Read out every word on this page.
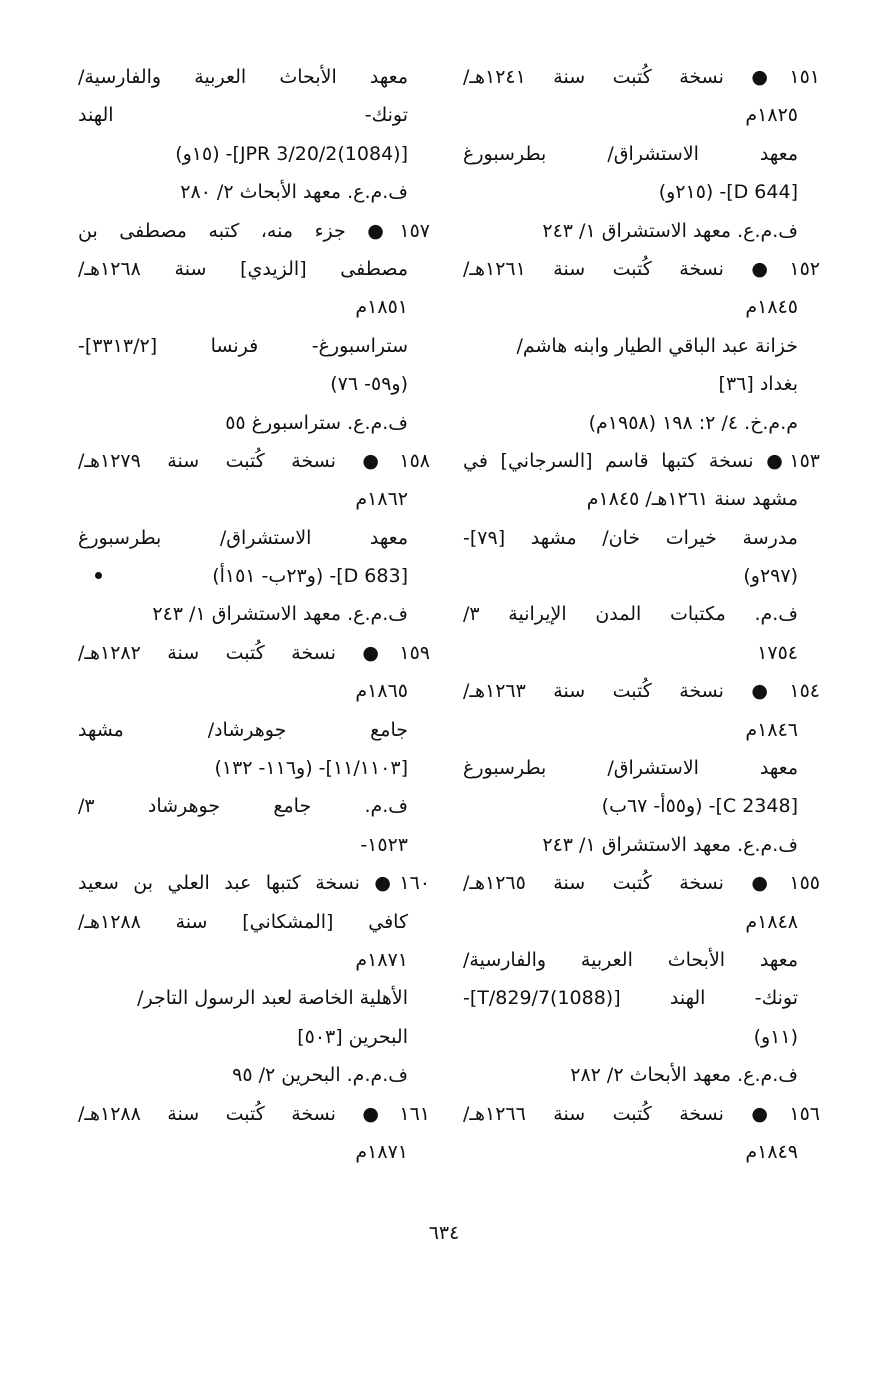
١٥١● نسخة كُتبت سنة ١٢٤١هـ/
١٨٢٥م
معهد الاستشراق/ بطرسبورغ
[D 644]- (٢١٥و)
ف.م.ع. معهد الاستشراق ١/ ٢٤٣
١٥٢● نسخة كُتبت سنة ١٢٦١هـ/
١٨٤٥م
خزانة عبد الباقي الطيار وابنه هاشم/
بغداد [٣٦]
م.م.خ. ٤/ ٢: ١٩٨ (١٩٥٨م)
١٥٣● نسخة كتبها قاسم [السرجاني] في
مشهد سنة ١٢٦١هـ/ ١٨٤٥م
مدرسة خيرات خان/ مشهد [٧٩]-
(٢٩٧و)
ف.م. مكتبات المدن الإيرانية ٣/
١٧٥٤
١٥٤● نسخة كُتبت سنة ١٢٦٣هـ/
١٨٤٦م
معهد الاستشراق/ بطرسبورغ
[C 2348]- (و٥٥أ- ٦٧ب)
ف.م.ع. معهد الاستشراق ١/ ٢٤٣
١٥٥● نسخة كُتبت سنة ١٢٦٥هـ/
١٨٤٨م
معهد الأبحاث العربية والفارسية/
تونك- الهند [T/829/7(1088)]-
(١١و)
ف.م.ع. معهد الأبحاث ٢/ ٢٨٢
١٥٦● نسخة كُتبت سنة ١٢٦٦هـ/
١٨٤٩م
معهد الأبحاث العربية والفارسية/
تونك- الهند
[JPR 3/20/2(1084)]- (١٥و)
ف.م.ع. معهد الأبحاث ٢/ ٢٨٠
١٥٧● جزء منه، كتبه مصطفى بن
مصطفى [الزيدي] سنة ١٢٦٨هـ/
١٨٥١م
ستراسبورغ- فرنسا [٣٣١٣/٢]-
(و٥٩- ٧٦)
ف.م.ع. ستراسبورغ ٥٥
١٥٨● نسخة كُتبت سنة ١٢٧٩هـ/
١٨٦٢م
معهد الاستشراق/ بطرسبورغ
[D 683]- (و٢٣ب- ١٥١أ)
ف.م.ع. معهد الاستشراق ١/ ٢٤٣
١٥٩● نسخة كُتبت سنة ١٢٨٢هـ/
١٨٦٥م
جامع جوهرشاد/ مشهد
[١١/١١٠٣]- (و١١٦- ١٣٢)
ف.م. جامع جوهرشاد ٣/
١٥٢٣-
١٦٠● نسخة كتبها عبد العلي بن سعيد
كافي [المشكاني] سنة ١٢٨٨هـ/
١٨٧١م
الأهلية الخاصة لعبد الرسول التاجر/
البحرين [٥٠٣]
ف.م.م. البحرين ٢/ ٩٥
١٦١● نسخة كُتبت سنة ١٢٨٨هـ/
١٨٧١م
٦٣٤
